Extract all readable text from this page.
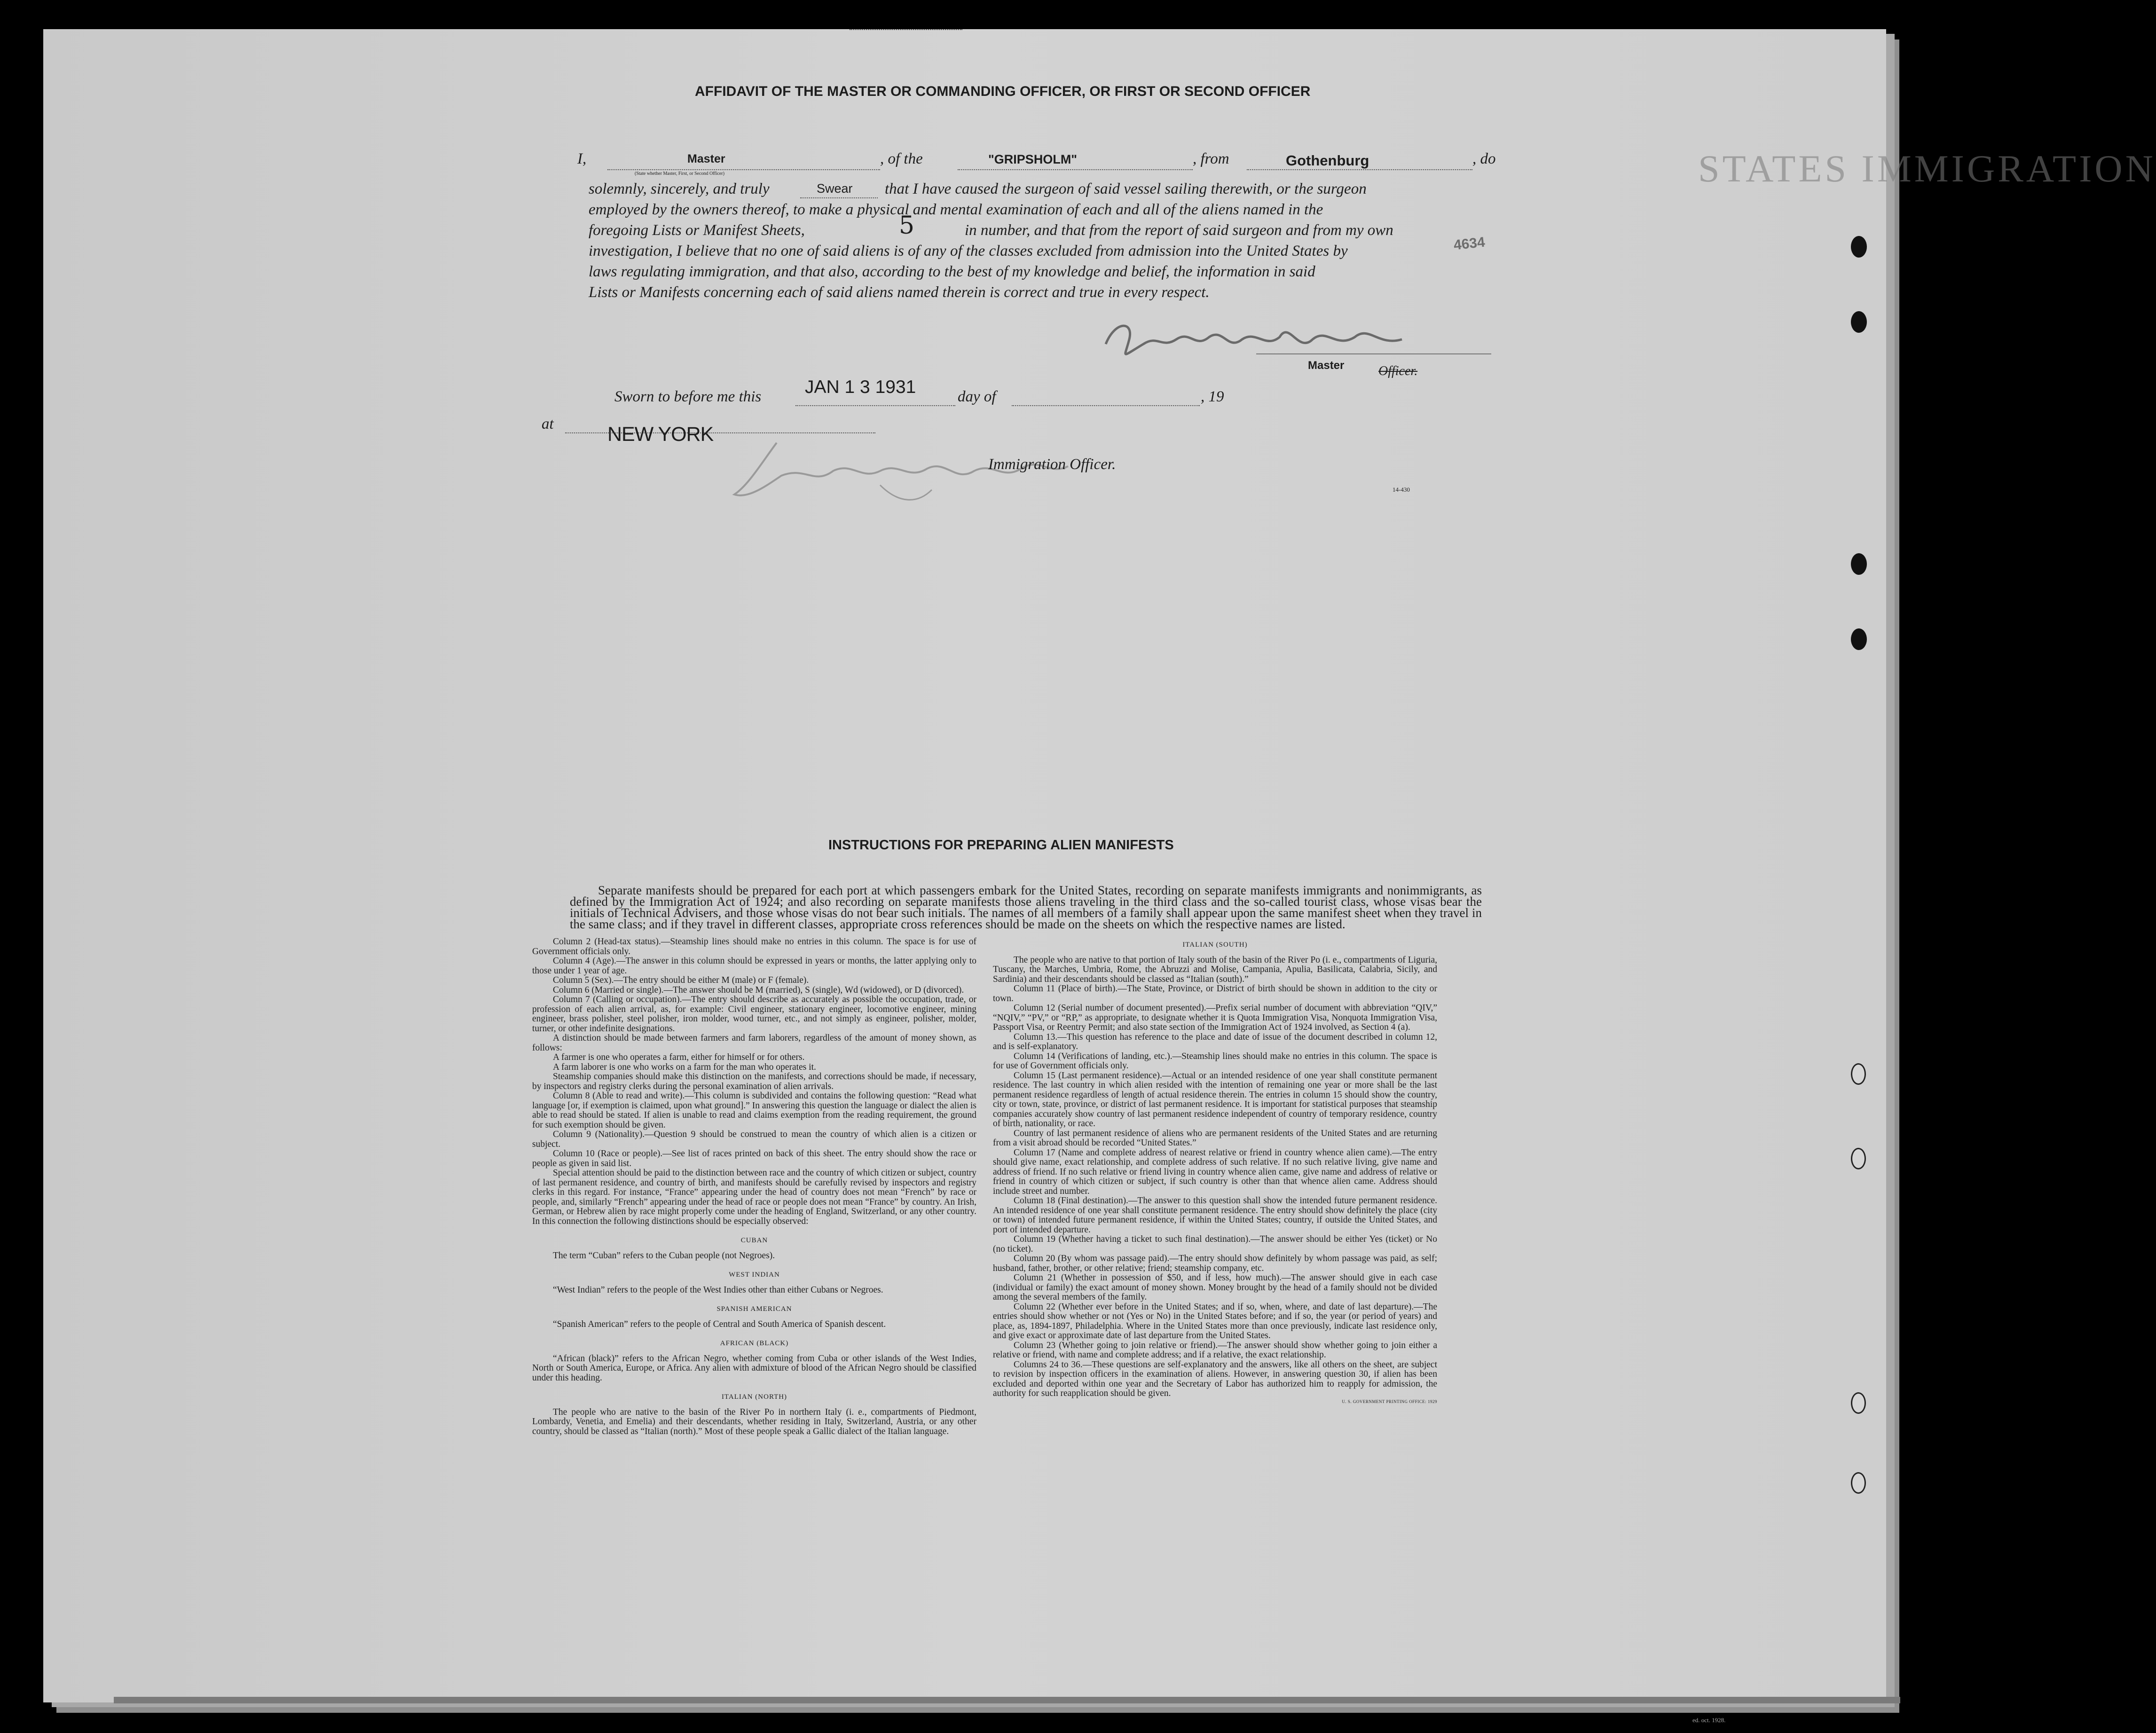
STATES IMMIGRATION
AFFIDAVIT OF THE MASTER OR COMMANDING OFFICER, OR FIRST OR SECOND OFFICER
I,	Master
(State whether Master, First, or Second Officer)
, of the	"GRIPSHOLM"	, from	Gothenburg	, do
solemnly, sincerely, and truly	Swear that I have caused the surgeon of said vessel sailing therewith, or the surgeon
employed by the owners thereof, to make a physical and mental examination of each and all of the aliens named in the
foregoing Lists or Manifest Sheets,	5	in number, and that from the report of said surgeon and from my own
investigation, I believe that no one of said aliens is of any of the classes excluded from admission into the United States by
laws regulating immigration, and that also, according to the best of my knowledge and belief, the information in said
Lists or Manifests concerning each of said aliens named therein is correct and true in every respect.
4634
Master	Officer.
Sworn to before me this JAN 1 3 1931	day of	, 19
at	NEW YORK
Immigration Officer.
14-430
INSTRUCTIONS FOR PREPARING ALIEN MANIFESTS

Separate manifests should be prepared for each port at which passengers embark for the United States, recording on separate manifests immigrants and nonimmigrants, as defined by the Immigration Act of 1924; and also recording on separate manifests those aliens traveling in the third class and the so-called tourist class, whose visas bear the initials of Technical Advisers, and those whose visas do not bear such initials. The names of all members of a family shall appear upon the same manifest sheet when they travel in the same class; and if they travel in different classes, appropriate cross references should be made on the sheets on which the respective names are listed.

Column 2 (Head-tax status).—Steamship lines should make no entries in this column. The space is for use of Government officials only.

Column 4 (Age).—The answer in this column should be expressed in years or months, the latter applying only to those under 1 year of age.

Column 5 (Sex).—The entry should be either M (male) or F (female).

Column 6 (Married or single).—The answer should be M (married), S (single), Wd (widowed), or D (divorced).

Column 7 (Calling or occupation).—The entry should describe as accurately as possible the occupation, trade, or profession of each alien arrival, as, for example: Civil engineer, stationary engineer, locomotive engineer, mining engineer, brass polisher, steel polisher, iron molder, wood turner, etc., and not simply as engineer, polisher, molder, turner, or other indefinite designations.

A distinction should be made between farmers and farm laborers, regardless of the amount of money shown, as follows:

A farmer is one who operates a farm, either for himself or for others.

A farm laborer is one who works on a farm for the man who operates it.

Steamship companies should make this distinction on the manifests, and corrections should be made, if necessary, by inspectors and registry clerks during the personal examination of alien arrivals.

Column 8 (Able to read and write).—This column is subdivided and contains the following question: “Read what language [or, if exemption is claimed, upon what ground].” In answering this question the language or dialect the alien is able to read should be stated. If alien is unable to read and claims exemption from the reading requirement, the ground for such exemption should be given.

Column 9 (Nationality).—Question 9 should be construed to mean the country of which alien is a citizen or subject.

Column 10 (Race or people).—See list of races printed on back of this sheet. The entry should show the race or people as given in said list.

Special attention should be paid to the distinction between race and the country of which citizen or subject, country of last permanent residence, and country of birth, and manifests should be carefully revised by inspectors and registry clerks in this regard. For instance, “France” appearing under the head of country does not mean “French” by race or people, and, similarly “French” appearing under the head of race or people does not mean “France” by country. An Irish, German, or Hebrew alien by race might properly come under the heading of England, Switzerland, or any other country. In this connection the following distinctions should be especially observed:

CUBAN

The term “Cuban” refers to the Cuban people (not Negroes).

WEST INDIAN

“West Indian” refers to the people of the West Indies other than either Cubans or Negroes.

SPANISH AMERICAN

“Spanish American” refers to the people of Central and South America of Spanish descent.

AFRICAN (BLACK)

“African (black)” refers to the African Negro, whether coming from Cuba or other islands of the West Indies, North or South America, Europe, or Africa. Any alien with admixture of blood of the African Negro should be classified under this heading.

ITALIAN (NORTH)

The people who are native to the basin of the River Po in northern Italy (i. e., compartments of Piedmont, Lombardy, Venetia, and Emelia) and their descendants, whether residing in Italy, Switzerland, Austria, or any other country, should be classed as “Italian (north).” Most of these people speak a Gallic dialect of the Italian language.

ITALIAN (SOUTH)

The people who are native to that portion of Italy south of the basin of the River Po (i. e., compartments of Liguria, Tuscany, the Marches, Umbria, Rome, the Abruzzi and Molise, Campania, Apulia, Basilicata, Calabria, Sicily, and Sardinia) and their descendants should be classed as “Italian (south).”

Column 11 (Place of birth).—The State, Province, or District of birth should be shown in addition to the city or town.

Column 12 (Serial number of document presented).—Prefix serial number of document with abbreviation “QIV,” “NQIV,” “PV,” or “RP,” as appropriate, to designate whether it is Quota Immigration Visa, Nonquota Immigration Visa, Passport Visa, or Reentry Permit; and also state section of the Immigration Act of 1924 involved, as Section 4 (a).

Column 13.—This question has reference to the place and date of issue of the document described in column 12, and is self-explanatory.

Column 14 (Verifications of landing, etc.).—Steamship lines should make no entries in this column. The space is for use of Government officials only.

Column 15 (Last permanent residence).—Actual or an intended residence of one year shall constitute permanent residence. The last country in which alien resided with the intention of remaining one year or more shall be the last permanent residence regardless of length of actual residence therein. The entries in column 15 should show the country, city or town, state, province, or district of last permanent residence. It is important for statistical purposes that steamship companies accurately show country of last permanent residence independent of country of temporary residence, country of birth, nationality, or race.

Country of last permanent residence of aliens who are permanent residents of the United States and are returning from a visit abroad should be recorded “United States.”

Column 17 (Name and complete address of nearest relative or friend in country whence alien came).—The entry should give name, exact relationship, and complete address of such relative. If no such relative living, give name and address of friend. If no such relative or friend living in country whence alien came, give name and address of relative or friend in country of which citizen or subject, if such country is other than that whence alien came. Address should include street and number.

Column 18 (Final destination).—The answer to this question shall show the intended future permanent residence. An intended residence of one year shall constitute permanent residence. The entry should show definitely the place (city or town) of intended future permanent residence, if within the United States; country, if outside the United States, and port of intended departure.

Column 19 (Whether having a ticket to such final destination).—The answer should be either Yes (ticket) or No (no ticket).

Column 20 (By whom was passage paid).—The entry should show definitely by whom passage was paid, as self; husband, father, brother, or other relative; friend; steamship company, etc.

Column 21 (Whether in possession of $50, and if less, how much).—The answer should give in each case (individual or family) the exact amount of money shown. Money brought by the head of a family should not be divided among the several members of the family.

Column 22 (Whether ever before in the United States; and if so, when, where, and date of last departure).—The entries should show whether or not (Yes or No) in the United States before; and if so, the year (or period of years) and place, as, 1894-1897, Philadelphia. Where in the United States more than once previously, indicate last residence only, and give exact or approximate date of last departure from the United States.

Column 23 (Whether going to join relative or friend).—The answer should show whether going to join either a relative or friend, with name and complete address; and if a relative, the exact relationship.

Columns 24 to 36.—These questions are self-explanatory and the answers, like all others on the sheet, are subject to revision by inspection officers in the examination of aliens. However, in answering question 30, if alien has been excluded and deported within one year and the Secretary of Labor has authorized him to reapply for admission, the authority for such reapplication should be given.

U. S. GOVERNMENT PRINTING OFFICE: 1929
ed. oct. 1928.
